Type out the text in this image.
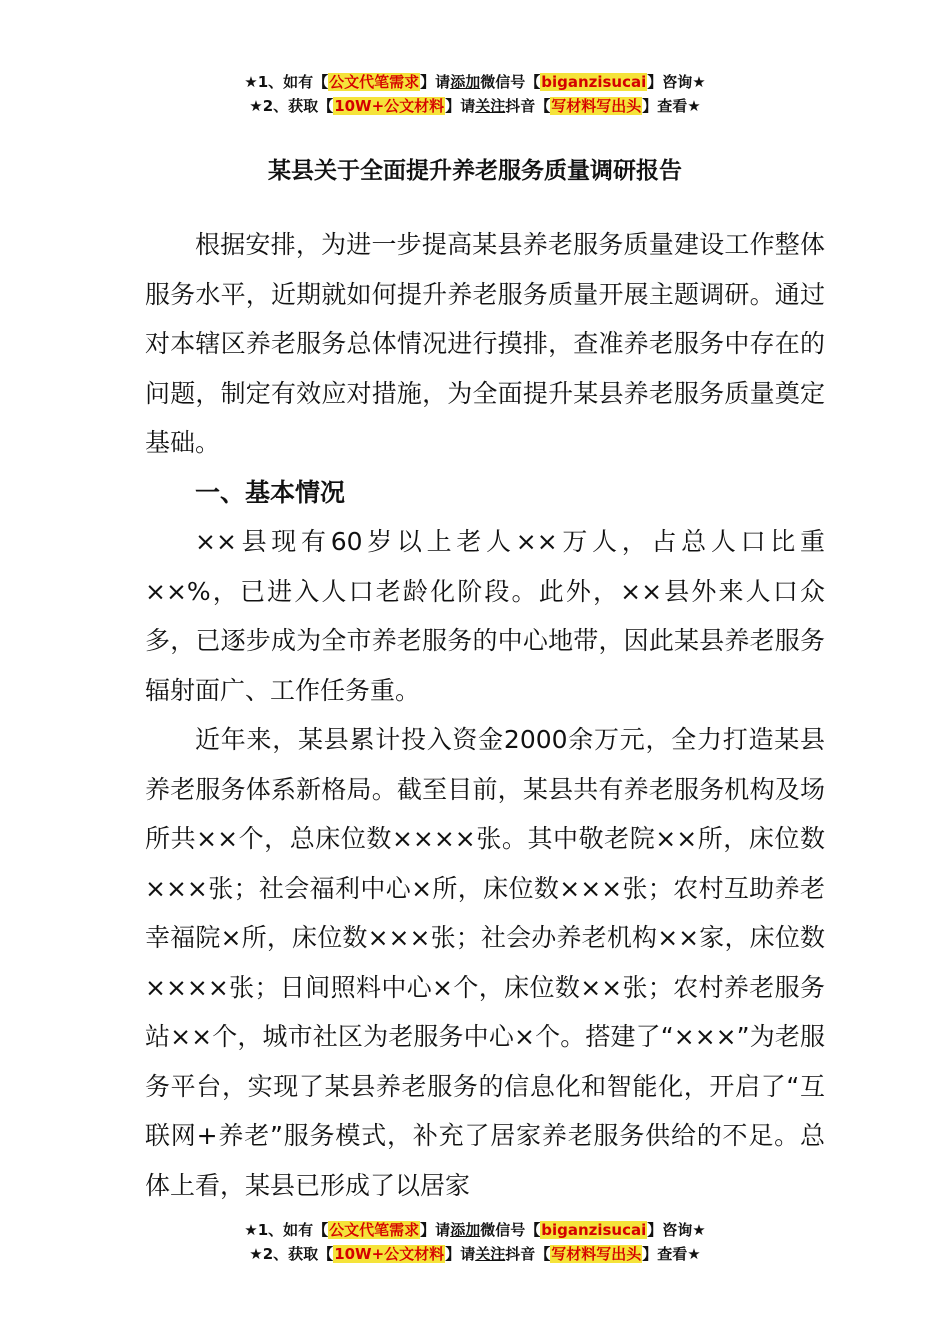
★1、如有【公文代笔需求】请添加微信号【biganzisucai】咨询★
★2、获取【10W+公文材料】请关注抖音【写材料写出头】查看★
某县关于全面提升养老服务质量调研报告

根据安排，为进一步提高某县养老服务质量建设工作整体服务水平，近期就如何提升养老服务质量开展主题调研。通过对本辖区养老服务总体情况进行摸排，查准养老服务中存在的问题，制定有效应对措施，为全面提升某县养老服务质量奠定基础。

一、基本情况

××县现有60岁以上老人××万人，占总人口比重××%，已进入人口老龄化阶段。此外，××县外来人口众多，已逐步成为全市养老服务的中心地带，因此某县养老服务辐射面广、工作任务重。

近年来，某县累计投入资金2000余万元，全力打造某县养老服务体系新格局。截至目前，某县共有养老服务机构及场所共××个，总床位数××××张。其中敬老院××所，床位数×××张；社会福利中心×所，床位数×××张；农村互助养老幸福院×所，床位数×××张；社会办养老机构××家，床位数××××张；日间照料中心×个，床位数××张；农村养老服务站××个，城市社区为老服务中心×个。搭建了“×××”为老服务平台，实现了某县养老服务的信息化和智能化，开启了“互联网+养老”服务模式，补充了居家养老服务供给的不足。总体上看，某县已形成了以居家

★1、如有【公文代笔需求】请添加微信号【biganzisucai】咨询★
★2、获取【10W+公文材料】请关注抖音【写材料写出头】查看★
